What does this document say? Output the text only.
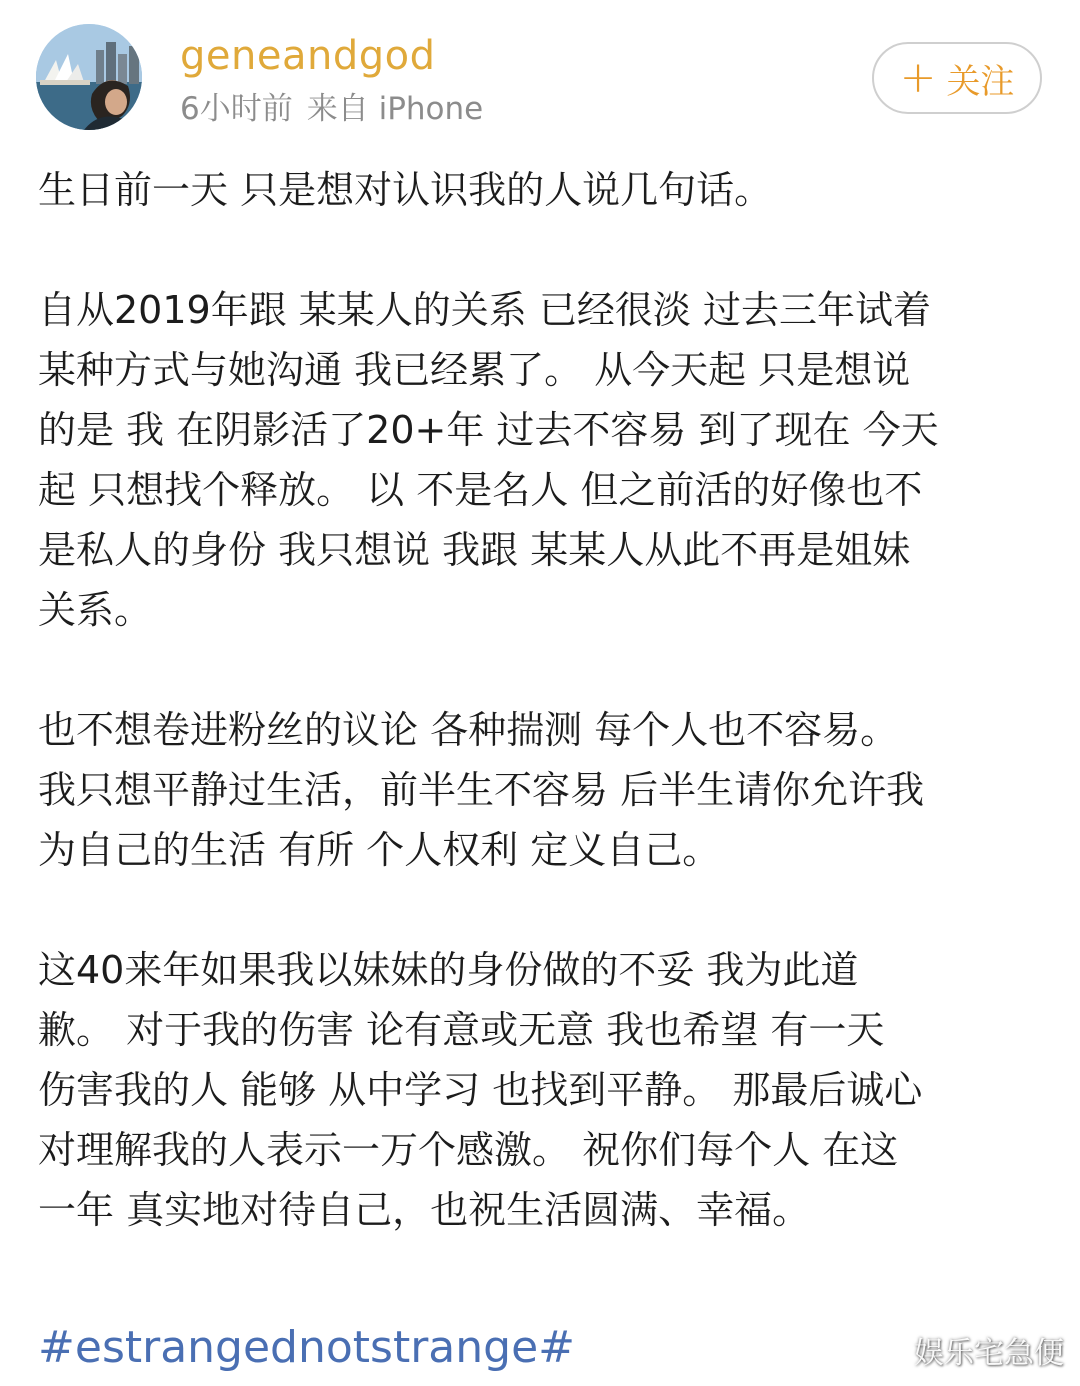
geneandgod
6小时前 来自 iPhone
+ 关注

生日前一天 只是想对认识我的人说几句话。

自从2019年跟 某某人的关系 已经很淡 过去三年试着
某种方式与她沟通 我已经累了。 从今天起 只是想说
的是 我 在阴影活了20+年 过去不容易 到了现在 今天
起 只想找个释放。 以 不是名人 但之前活的好像也不
是私人的身份 我只想说 我跟 某某人从此不再是姐妹
关系。

也不想卷进粉丝的议论 各种揣测 每个人也不容易。
我只想平静过生活，前半生不容易 后半生请你允许我
为自己的生活 有所 个人权利 定义自己。

这40来年如果我以妹妹的身份做的不妥 我为此道
歉。 对于我的伤害 论有意或无意 我也希望 有一天
伤害我的人 能够 从中学习 也找到平静。 那最后诚心
对理解我的人表示一万个感激。 祝你们每个人 在这
一年 真实地对待自己，也祝生活圆满、幸福。

#estrangednotstrange#	娱乐宅急便
